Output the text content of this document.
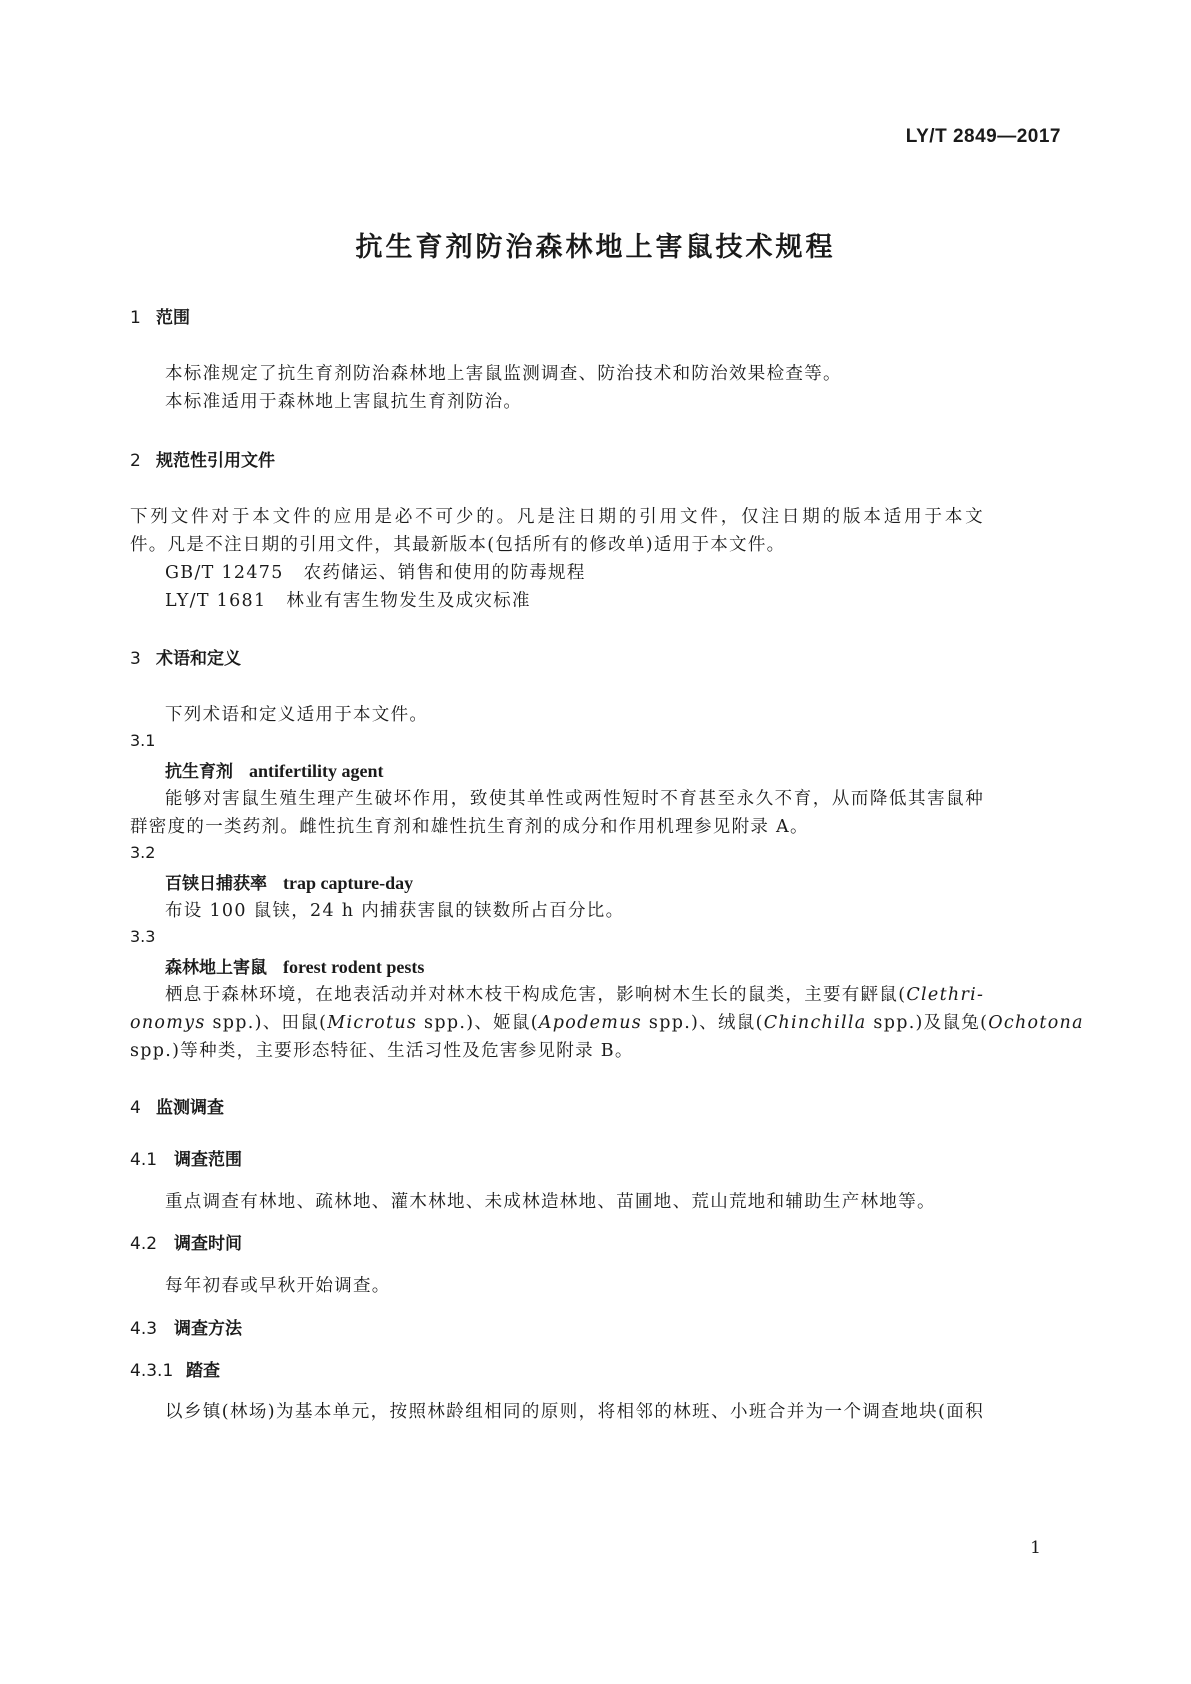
LY/T 2849—2017
抗生育剂防治森林地上害鼠技术规程
1 范围
本标准规定了抗生育剂防治森林地上害鼠监测调查、防治技术和防治效果检查等。
本标准适用于森林地上害鼠抗生育剂防治。
2 规范性引用文件
下列文件对于本文件的应用是必不可少的。凡是注日期的引用文件，仅注日期的版本适用于本文
件。凡是不注日期的引用文件，其最新版本(包括所有的修改单)适用于本文件。
GB/T 12475 农药储运、销售和使用的防毒规程
LY/T 1681 林业有害生物发生及成灾标准
3 术语和定义
下列术语和定义适用于本文件。
3.1
抗生育剂 antifertility agent
能够对害鼠生殖生理产生破坏作用，致使其单性或两性短时不育甚至永久不育，从而降低其害鼠种
群密度的一类药剂。雌性抗生育剂和雄性抗生育剂的成分和作用机理参见附录 A。
3.2
百铗日捕获率 trap capture-day
布设 100 鼠铗，24 h 内捕获害鼠的铗数所占百分比。
3.3
森林地上害鼠 forest rodent pests
栖息于森林环境，在地表活动并对林木枝干构成危害，影响树木生长的鼠类，主要有䶄鼠(Clethri-
onomys spp.)、田鼠(Microtus spp.)、姬鼠(Apodemus spp.)、绒鼠(Chinchilla spp.)及鼠兔(Ochotona
spp.)等种类，主要形态特征、生活习性及危害参见附录 B。
4 监测调查
4.1 调查范围
重点调查有林地、疏林地、灌木林地、未成林造林地、苗圃地、荒山荒地和辅助生产林地等。
4.2 调查时间
每年初春或早秋开始调查。
4.3 调查方法
4.3.1 踏查
以乡镇(林场)为基本单元，按照林龄组相同的原则，将相邻的林班、小班合并为一个调查地块(面积
1
